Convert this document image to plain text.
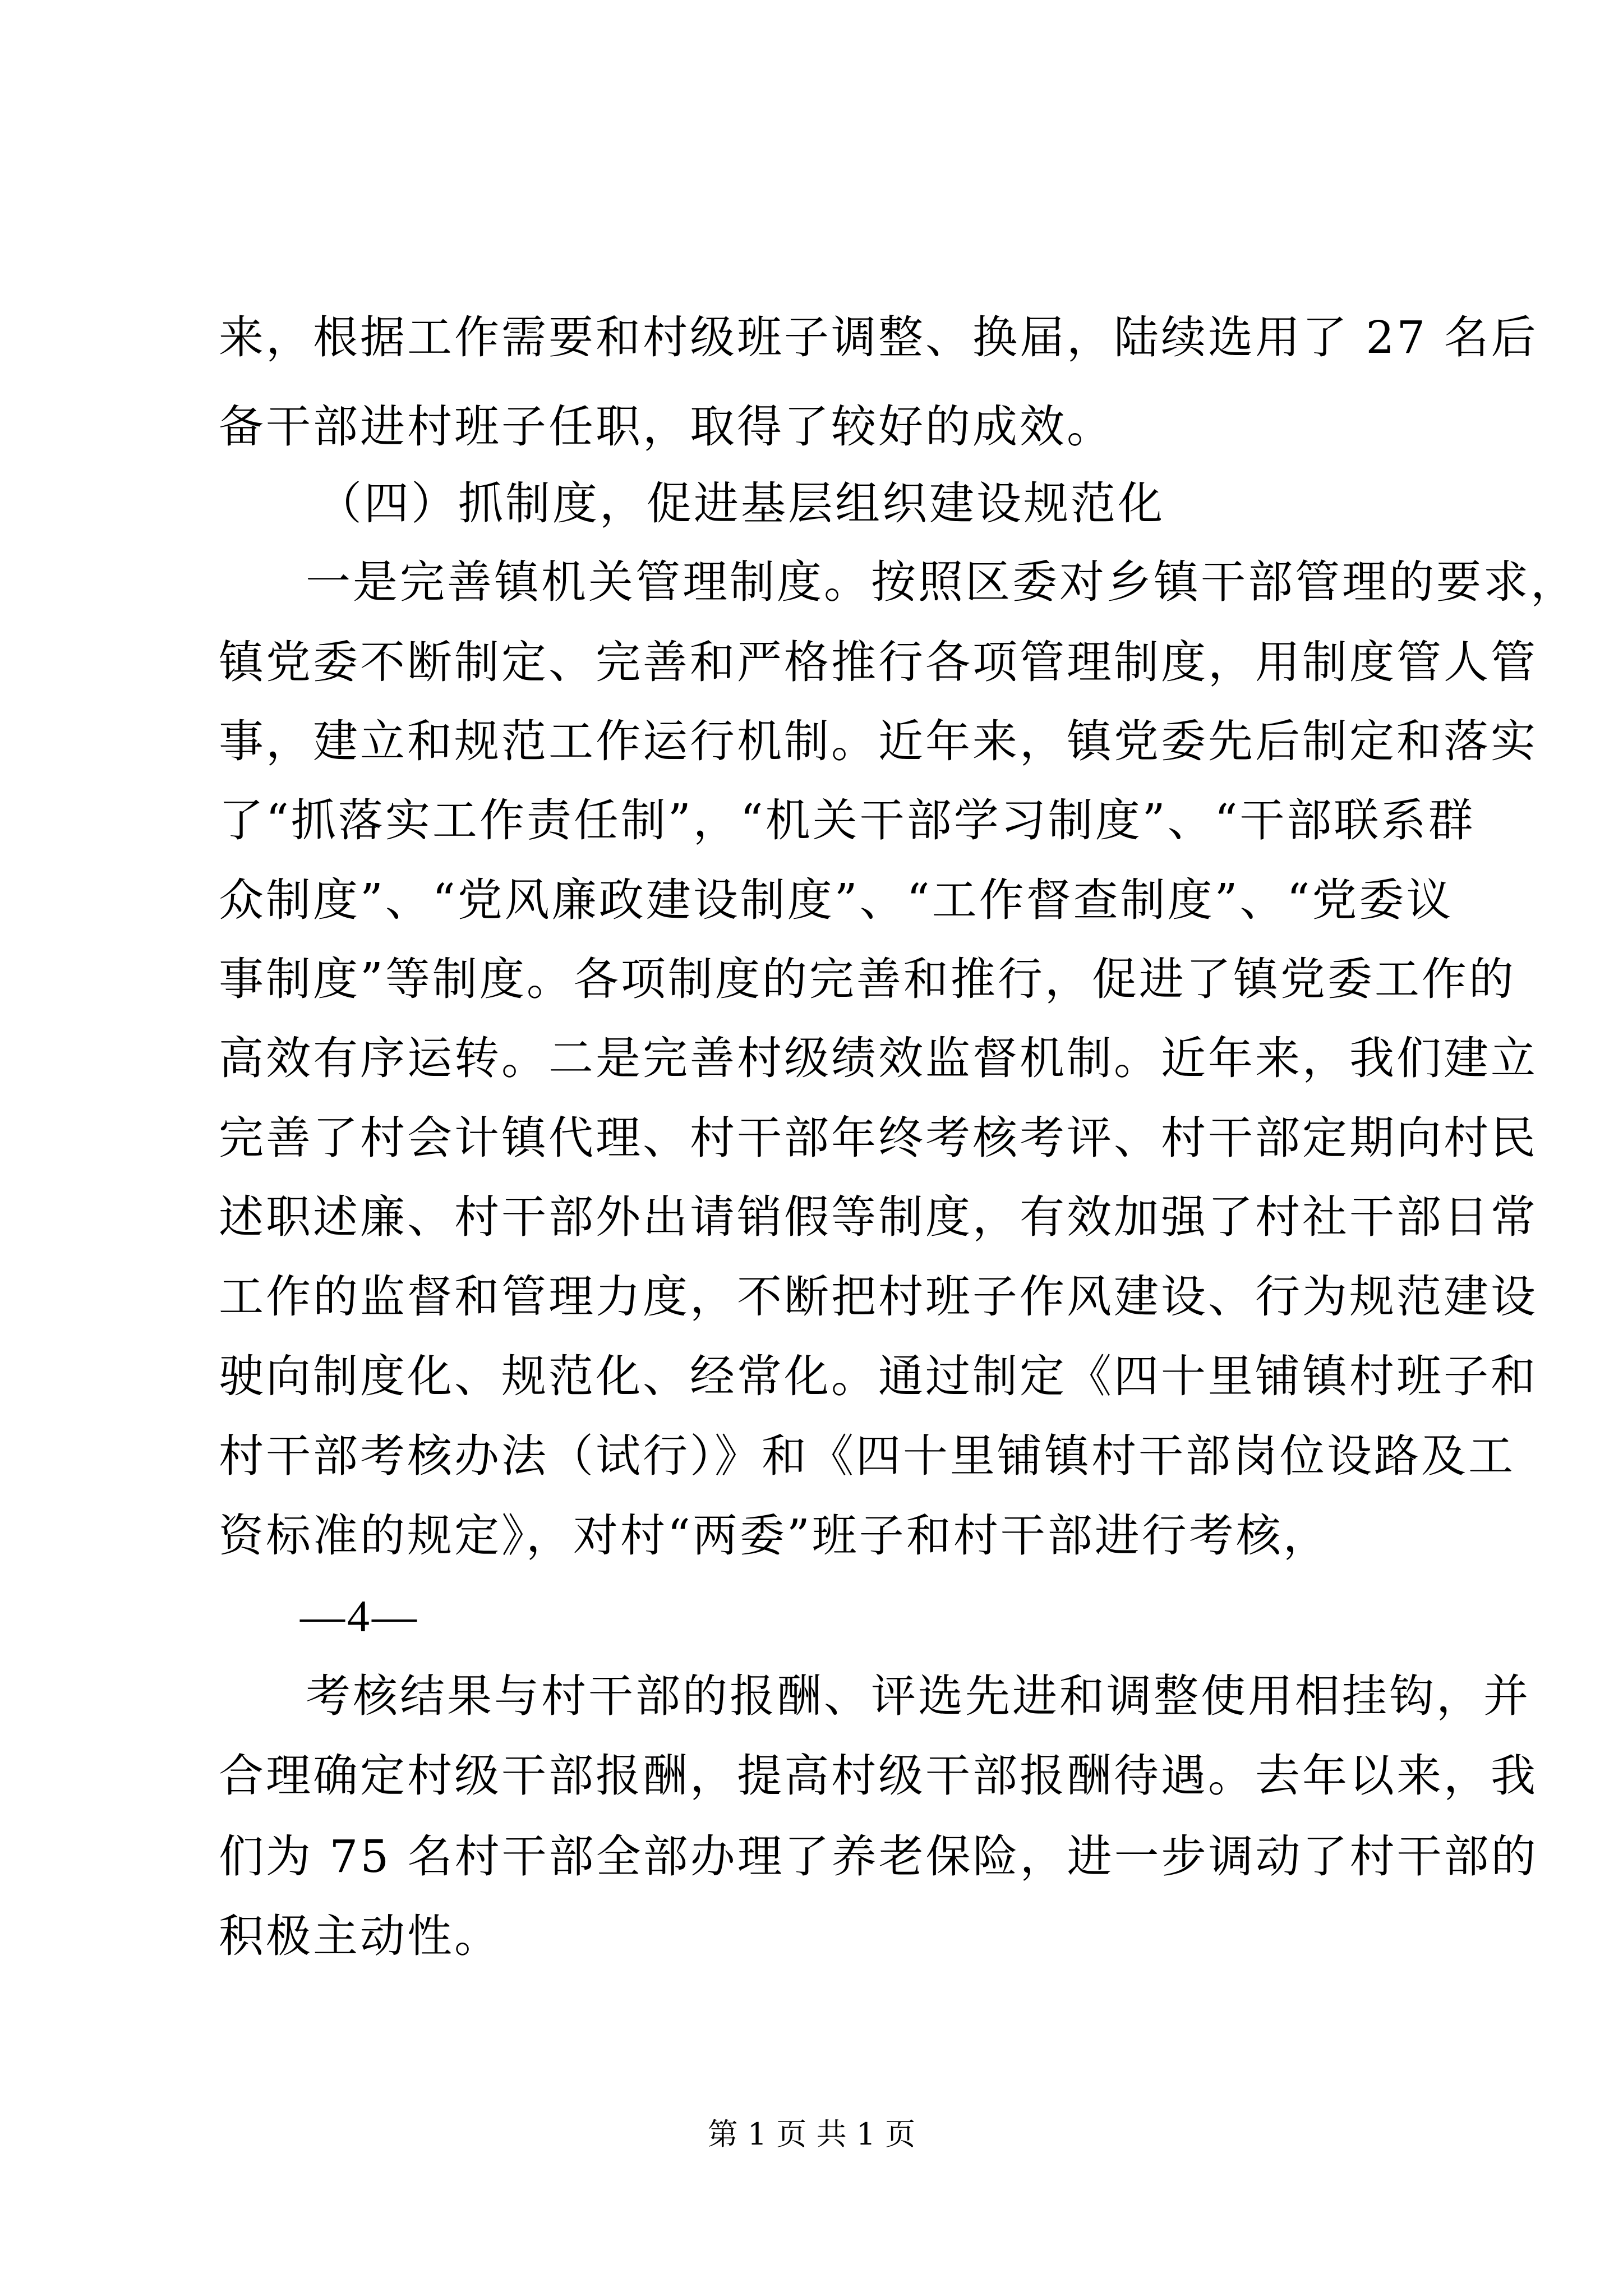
来，根据工作需要和村级班子调整、换届，陆续选用了 27 名后
备干部进村班子任职，取得了较好的成效。
（四）抓制度，促进基层组织建设规范化
一是完善镇机关管理制度。按照区委对乡镇干部管理的要求，
镇党委不断制定、完善和严格推行各项管理制度，用制度管人管
事，建立和规范工作运行机制。近年来，镇党委先后制定和落实
了“抓落实工作责任制”，“机关干部学习制度”、“干部联系群
众制度”、“党风廉政建设制度”、“工作督查制度”、“党委议
事制度”等制度。各项制度的完善和推行，促进了镇党委工作的
高效有序运转。二是完善村级绩效监督机制。近年来，我们建立
完善了村会计镇代理、村干部年终考核考评、村干部定期向村民
述职述廉、村干部外出请销假等制度，有效加强了村社干部日常
工作的监督和管理力度，不断把村班子作风建设、行为规范建设
驶向制度化、规范化、经常化。通过制定《四十里铺镇村班子和
村干部考核办法（试行）》和《四十里铺镇村干部岗位设路及工
资标准的规定》，对村“两委”班子和村干部进行考核，
—4—
考核结果与村干部的报酬、评选先进和调整使用相挂钩，并
合理确定村级干部报酬，提高村级干部报酬待遇。去年以来，我
们为 75 名村干部全部办理了养老保险，进一步调动了村干部的
积极主动性。
第 1 页 共 1 页
